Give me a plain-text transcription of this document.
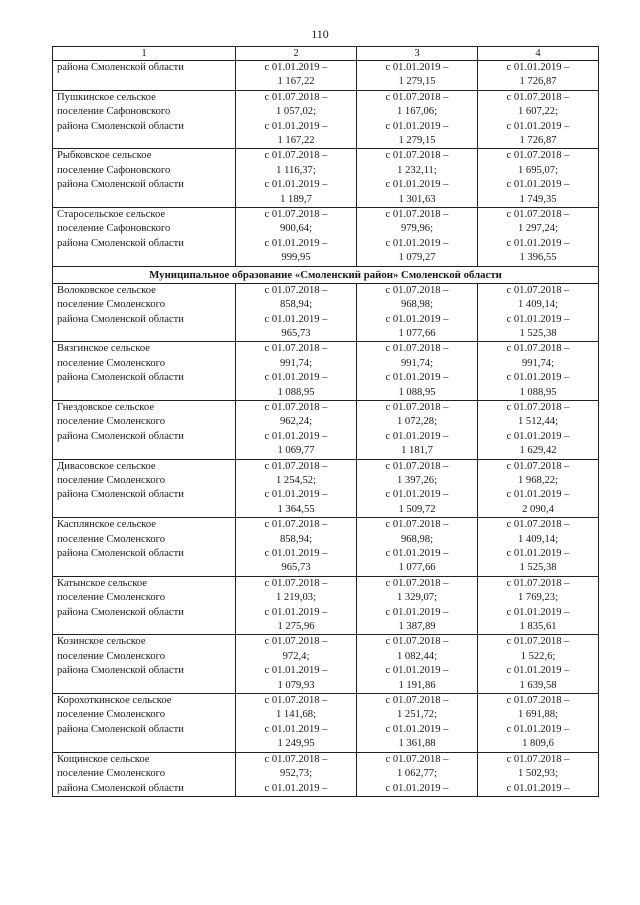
110
1	2	3	4

района Смоленской области	с 01.01.2019 –
1 167,22	с 01.01.2019 –
1 279,15	с 01.01.2019 –
1 726,87

Пушкинское сельское
поселение Сафоновского
района Смоленской области	с 01.07.2018 –
1 057,02;
с 01.01.2019 –
1 167,22	с 01.07.2018 –
1 167,06;
с 01.01.2019 –
1 279,15	с 01.07.2018 –
1 607,22;
с 01.01.2019 –
1 726,87

Рыбковское сельское
поселение Сафоновского
района Смоленской области	с 01.07.2018 –
1 116,37;
с 01.01.2019 –
1 189,7	с 01.07.2018 –
1 232,11;
с 01.01.2019 –
1 301,63	с 01.07.2018 –
1 695,07;
с 01.01.2019 –
1 749,35

Старосельское сельское
поселение Сафоновского
района Смоленской области	с 01.07.2018 –
900,64;
с 01.01.2019 –
999,95	с 01.07.2018 –
979,96;
с 01.01.2019 –
1 079,27	с 01.07.2018 –
1 297,24;
с 01.01.2019 –
1 396,55

Муниципальное образование «Смоленский район» Смоленской области			

Волоковское сельское
поселение Смоленского
района Смоленской области	с 01.07.2018 –
858,94;
с 01.01.2019 –
965,73	с 01.07.2018 –
968,98;
с 01.01.2019 –
1 077,66	с 01.07.2018 –
1 409,14;
с 01.01.2019 –
1 525,38

Вязгинское сельское
поселение Смоленского
района Смоленской области	с 01.07.2018 –
991,74;
с 01.01.2019 –
1 088,95	с 01.07.2018 –
991,74;
с 01.01.2019 –
1 088,95	с 01.07.2018 –
991,74;
с 01.01.2019 –
1 088,95

Гнездовское сельское
поселение Смоленского
района Смоленской области	с 01.07.2018 –
962,24;
с 01.01.2019 –
1 069,77	с 01.07.2018 –
1 072,28;
с 01.01.2019 –
1 181,7	с 01.07.2018 –
1 512,44;
с 01.01.2019 –
1 629,42

Дивасовское сельское
поселение Смоленского
района Смоленской области	с 01.07.2018 –
1 254,52;
с 01.01.2019 –
1 364,55	с 01.07.2018 –
1 397,26;
с 01.01.2019 –
1 509,72	с 01.07.2018 –
1 968,22;
с 01.01.2019 –
2 090,4

Касплянское сельское
поселение Смоленского
района Смоленской области	с 01.07.2018 –
858,94;
с 01.01.2019 –
965,73	с 01.07.2018 –
968,98;
с 01.01.2019 –
1 077,66	с 01.07.2018 –
1 409,14;
с 01.01.2019 –
1 525,38

Катынское сельское
поселение Смоленского
района Смоленской области	с 01.07.2018 –
1 219,03;
с 01.01.2019 –
1 275,96	с 01.07.2018 –
1 329,07;
с 01.01.2019 –
1 387,89	с 01.07.2018 –
1 769,23;
с 01.01.2019 –
1 835,61

Козинское сельское
поселение Смоленского
района Смоленской области	с 01.07.2018 –
972,4;
с 01.01.2019 –
1 079,93	с 01.07.2018 –
1 082,44;
с 01.01.2019 –
1 191,86	с 01.07.2018 –
1 522,6;
с 01.01.2019 –
1 639,58

Корохоткинское сельское
поселение Смоленского
района Смоленской области	с 01.07.2018 –
1 141,68;
с 01.01.2019 –
1 249,95	с 01.07.2018 –
1 251,72;
с 01.01.2019 –
1 361,88	с 01.07.2018 –
1 691,88;
с 01.01.2019 –
1 809,6

Кощинское сельское
поселение Смоленского
района Смоленской области	с 01.07.2018 –
952,73;
с 01.01.2019 –	с 01.07.2018 –
1 062,77;
с 01.01.2019 –	с 01.07.2018 –
1 502,93;
с 01.01.2019 –
